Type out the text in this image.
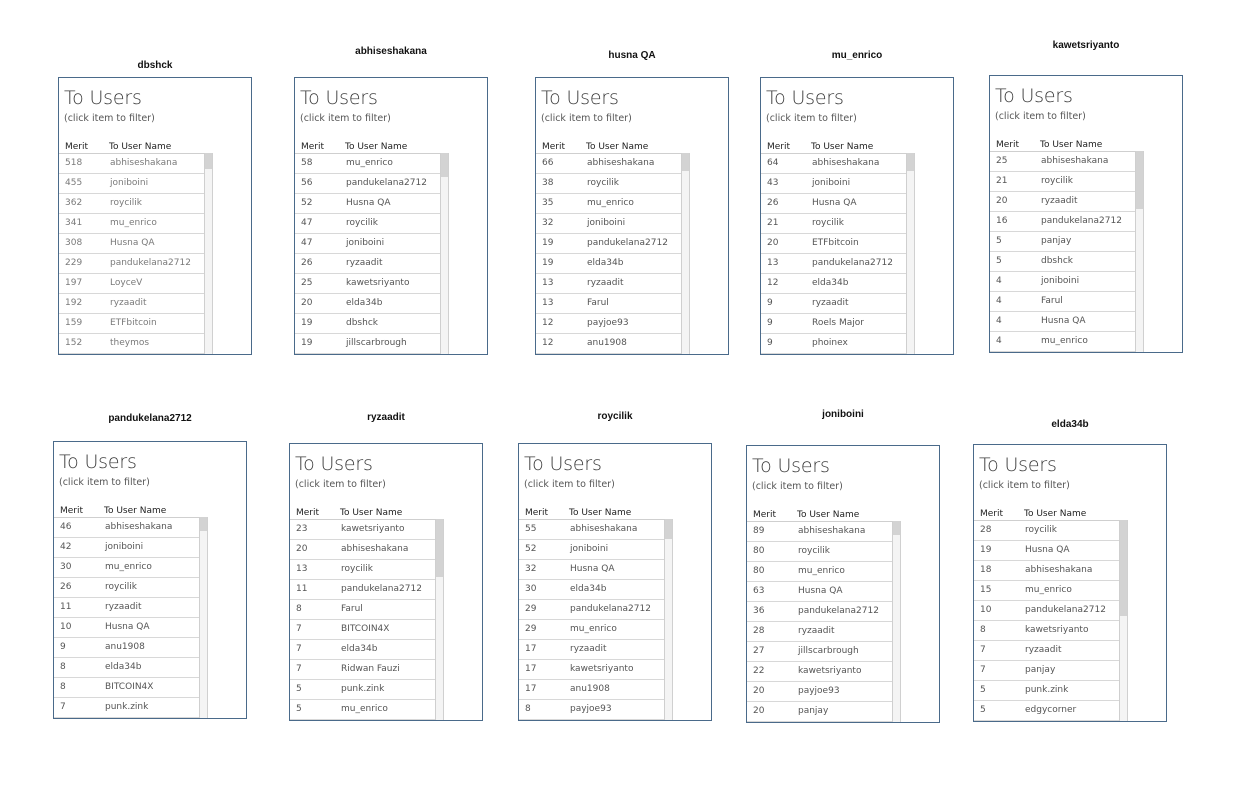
dbshck
To Users
(click item to filter)
Merit To User Name
518	abhiseshakana
455	joniboini
362	roycilik
341	mu_enrico
308	Husna QA
229	pandukelana2712
197	LoyceV
192	ryzaadit
159	ETFbitcoin
152	theymos
abhiseshakana
To Users
(click item to filter)
Merit To User Name
58	mu_enrico
56	pandukelana2712
52	Husna QA
47	roycilik
47	joniboini
26	ryzaadit
25	kawetsriyanto
20	elda34b
19	dbshck
19	jillscarbrough
husna QA
To Users
(click item to filter)
Merit To User Name
66	abhiseshakana
38	roycilik
35	mu_enrico
32	joniboini
19	pandukelana2712
19	elda34b
13	ryzaadit
13	Farul
12	payjoe93
12	anu1908
mu_enrico
To Users
(click item to filter)
Merit To User Name
64	abhiseshakana
43	joniboini
26	Husna QA
21	roycilik
20	ETFbitcoin
13	pandukelana2712
12	elda34b
9	ryzaadit
9	Roels Major
9	phoinex
kawetsriyanto
To Users
(click item to filter)
Merit To User Name
25	abhiseshakana
21	roycilik
20	ryzaadit
16	pandukelana2712
5	panjay
5	dbshck
4	joniboini
4	Farul
4	Husna QA
4	mu_enrico
pandukelana2712
To Users
(click item to filter)
Merit To User Name
46	abhiseshakana
42	joniboini
30	mu_enrico
26	roycilik
11	ryzaadit
10	Husna QA
9	anu1908
8	elda34b
8	BITCOIN4X
7	punk.zink
ryzaadit
To Users
(click item to filter)
Merit To User Name
23	kawetsriyanto
20	abhiseshakana
13	roycilik
11	pandukelana2712
8	Farul
7	BITCOIN4X
7	elda34b
7	Ridwan Fauzi
5	punk.zink
5	mu_enrico
roycilik
To Users
(click item to filter)
Merit To User Name
55	abhiseshakana
52	joniboini
32	Husna QA
30	elda34b
29	pandukelana2712
29	mu_enrico
17	ryzaadit
17	kawetsriyanto
17	anu1908
8	payjoe93
joniboini
To Users
(click item to filter)
Merit To User Name
89	abhiseshakana
80	roycilik
80	mu_enrico
63	Husna QA
36	pandukelana2712
28	ryzaadit
27	jillscarbrough
22	kawetsriyanto
20	payjoe93
20	panjay
elda34b
To Users
(click item to filter)
Merit To User Name
28	roycilik
19	Husna QA
18	abhiseshakana
15	mu_enrico
10	pandukelana2712
8	kawetsriyanto
7	ryzaadit
7	panjay
5	punk.zink
5	edgycorner
